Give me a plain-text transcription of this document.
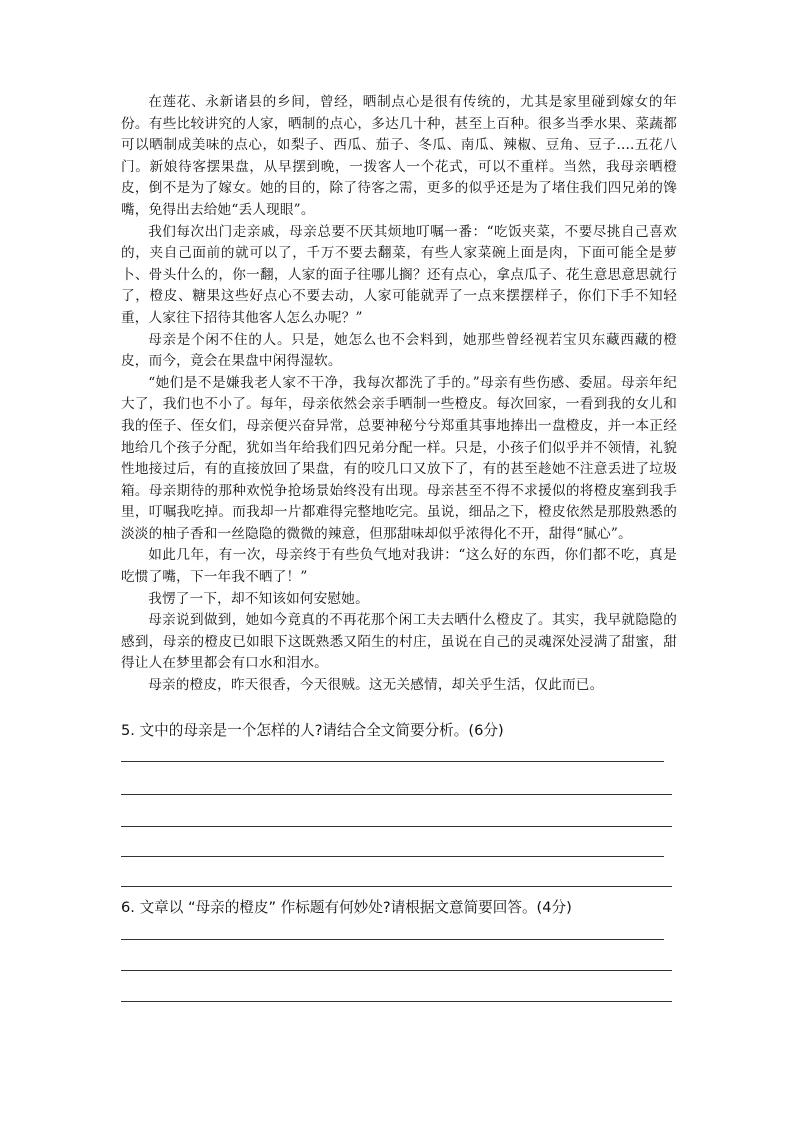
在莲花、永新诸县的乡间，曾经，晒制点心是很有传统的，尤其是家里碰到嫁女的年份。有些比较讲究的人家，晒制的点心，多达几十种，甚至上百种。很多当季水果、菜蔬都可以晒制成美味的点心，如梨子、西瓜、茄子、冬瓜、南瓜、辣椒、豆角、豆子....五花八门。新娘待客摆果盘，从早摆到晚，一拨客人一个花式，可以不重样。当然，我母亲晒橙皮，倒不是为了嫁女。她的目的，除了待客之需，更多的似乎还是为了堵住我们四兄弟的馋嘴，免得出去给她“丢人现眼”。

我们每次出门走亲戚，母亲总要不厌其烦地叮嘱一番：“吃饭夹菜，不要尽挑自己喜欢的，夹自己面前的就可以了，千万不要去翻菜，有些人家菜碗上面是肉，下面可能全是萝卜、骨头什么的，你一翻，人家的面子往哪儿搁？还有点心，拿点瓜子、花生意思意思就行了，橙皮、糖果这些好点心不要去动，人家可能就弄了一点来摆摆样子，你们下手不知轻重，人家往下招待其他客人怎么办呢？”

母亲是个闲不住的人。只是，她怎么也不会料到，她那些曾经视若宝贝东藏西藏的橙皮，而今，竟会在果盘中闲得湿软。

“她们是不是嫌我老人家不干净，我每次都洗了手的。”母亲有些伤感、委屈。母亲年纪大了，我们也不小了。每年，母亲依然会亲手晒制一些橙皮。每次回家，一看到我的女儿和我的侄子、侄女们，母亲便兴奋异常，总要神秘兮兮郑重其事地捧出一盘橙皮，并一本正经地给几个孩子分配，犹如当年给我们四兄弟分配一样。只是，小孩子们似乎并不领情，礼貌性地接过后，有的直接放回了果盘，有的咬几口又放下了，有的甚至趁她不注意丢进了垃圾箱。母亲期待的那种欢悦争抢场景始终没有出现。母亲甚至不得不求援似的将橙皮塞到我手里，叮嘱我吃掉。而我却一片都难得完整地吃完。虽说，细品之下，橙皮依然是那股熟悉的淡淡的柚子香和一丝隐隐的微微的辣意，但那甜味却似乎浓得化不开，甜得“腻心”。

如此几年，有一次，母亲终于有些负气地对我讲：“这么好的东西，你们都不吃，真是吃惯了嘴，下一年我不晒了！”

我愣了一下，却不知该如何安慰她。

母亲说到做到，她如今竟真的不再花那个闲工夫去晒什么橙皮了。其实，我早就隐隐的感到，母亲的橙皮已如眼下这既熟悉又陌生的村庄，虽说在自己的灵魂深处浸满了甜蜜，甜得让人在梦里都会有口水和泪水。

母亲的橙皮，昨天很香，今天很贼。这无关感情，却关乎生活，仅此而已。

5. 文中的母亲是一个怎样的人?请结合全文简要分析。(6分)
6. 文章以 “母亲的橙皮” 作标题有何妙处?请根据文意简要回答。(4分)
